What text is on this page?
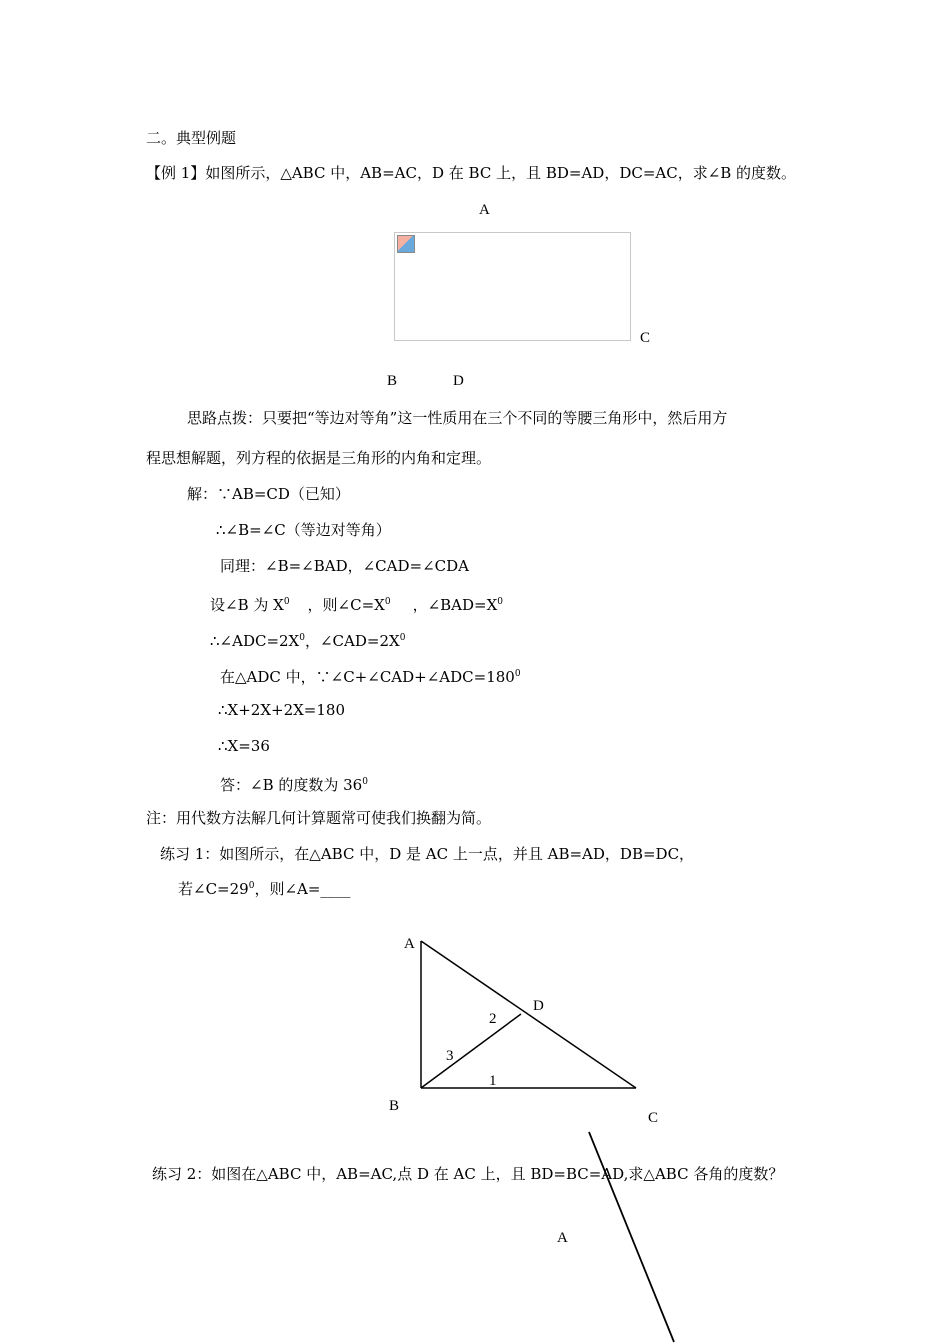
二。典型例题
【例 1】如图所示，△ABC 中，AB=AC，D 在 BC 上，且 BD=AD，DC=AC，求∠B 的度数。
A
C
B	D
思路点拨：只要把“等边对等角”这一性质用在三个不同的等腰三角形中，然后用方
程思想解题，列方程的依据是三角形的内角和定理。
解：∵AB=CD（已知）
∴∠B=∠C（等边对等角）
同理：∠B=∠BAD，∠CAD=∠CDA
设∠B 为 $X^0$ ，则$\angle C=X^0$ ，$\angle BAD=X^0$
$\therefore\angle ADC=2X^0$，$\angle CAD=2X^0$
在△ADC 中，$\because\angle C+\angle CAD+\angle ADC=180^0$
∴X+2X+2X=180
∴X=36
答：∠B 的度数为 $36^0$
注：用代数方法解几何计算题常可使我们换翻为简。
练习 1：如图所示，在△ABC 中，D 是 AC 上一点，并且 AB=AD，DB=DC，
若$\angle C=29^0$，则∠A=____
A
D
2
3
1
B
C
练习 2：如图在△ABC 中，AB=AC,点 D 在 AC 上，且 BD=BC=AD,求△ABC 各角的度数？
A
